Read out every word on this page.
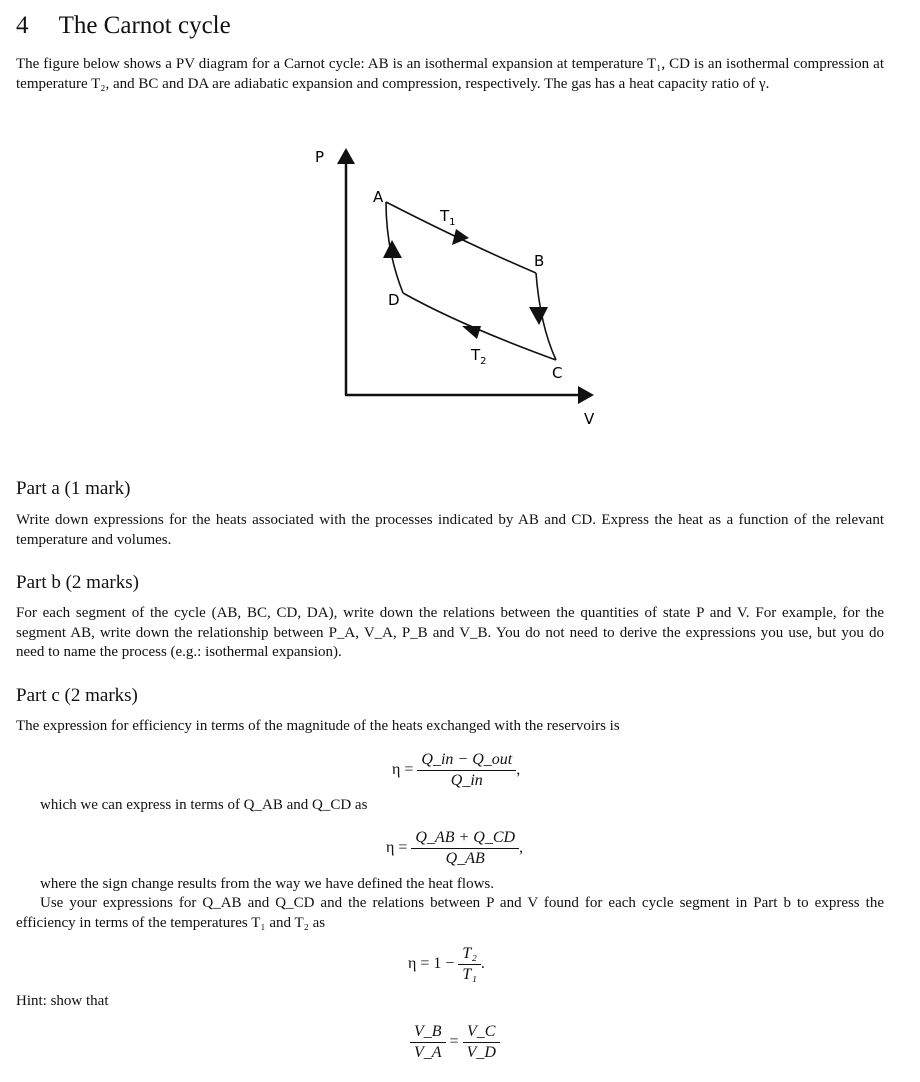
4 The Carnot cycle
The figure below shows a PV diagram for a Carnot cycle: AB is an isothermal expansion at temperature T₁, CD is an isothermal compression at temperature T₂, and BC and DA are adiabatic expansion and compression, respectively. The gas has a heat capacity ratio of γ.
P
V
A
B
C
D
$T_1$
$T_2$
Part a (1 mark)
Write down expressions for the heats associated with the processes indicated by AB and CD. Express the heat as a function of the relevant temperature and volumes.
Part b (2 marks)
For each segment of the cycle (AB, BC, CD, DA), write down the relations between the quantities of state P and V. For example, for the segment AB, write down the relationship between P_A, V_A, P_B and V_B. You do not need to derive the expressions you use, but you do need to name the process (e.g.: isothermal expansion).
Part c (2 marks)
The expression for efficiency in terms of the magnitude of the heats exchanged with the reservoirs is
$\eta = \frac{\text{Q\_in − Q\_out}}{Q\_in}$ ,
which we can express in terms of Q_AB and Q_CD as
$\eta = \frac{Q\_AB + Q\_CD}{Q\_AB}$ ,
where the sign change results from the way we have defined the heat flows.
Use your expressions for Q_AB and Q_CD and the relations between P and V found for each cycle segment in Part b to express the efficiency in terms of the temperatures T₁ and T₂ as
$\eta = 1 - \frac{\text{T₂}}{\text{T₁}}$ .
Hint: show that
$\frac{V\_B}{V\_A} = \frac{V\_C}{V\_D}$
